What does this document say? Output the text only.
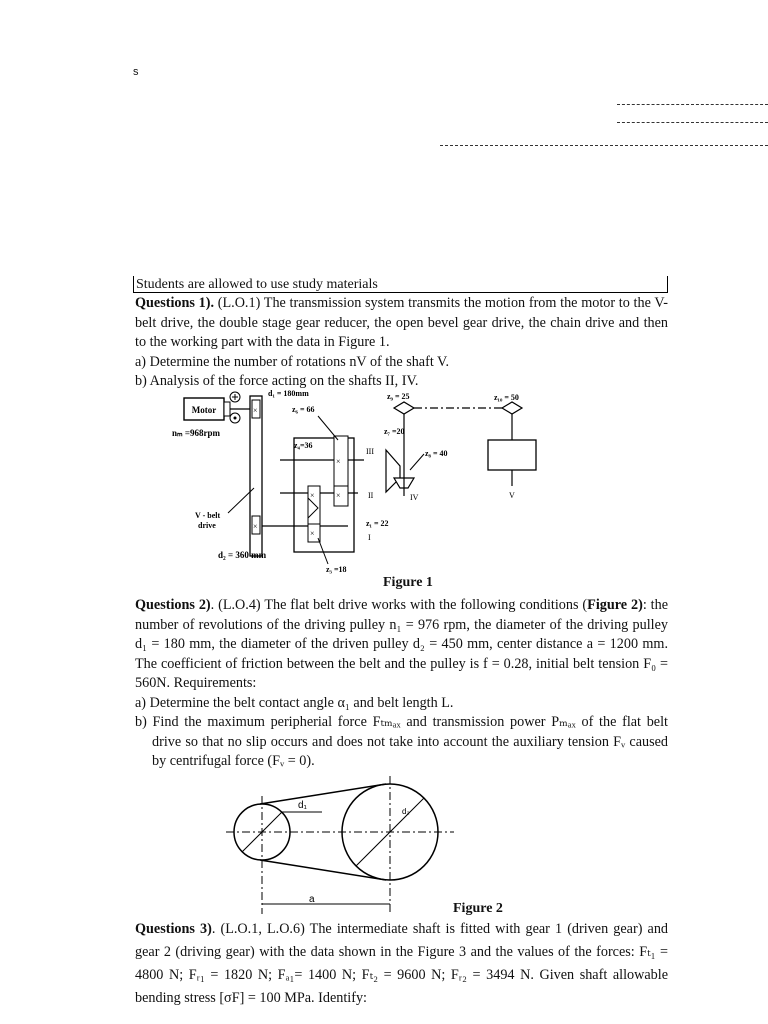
s
Students are allowed to use study materials
Questions 1). (L.O.1) The transmission system transmits the motion from the motor to the V-belt drive, the double stage gear reducer, the open bevel gear drive, the chain drive and then to the working part with the data in Figure 1.
a) Determine the number of rotations nV of the shaft V.
b) Analysis of the force acting on the shafts II, IV.
Motor
nₘ =968rpm
×
×
d₁ = 180mm
V - belt
drive
d₂ = 360 mm
×
×
×
×
z₄=36
z₆ = 66
II
III
z₁ = 22
I
z₃ =18
z₇ =20
z₈ = 40
IV
z₉ = 25	z₁₀ = 50
V
Figure 1
Questions 2). (L.O.4) The flat belt drive works with the following conditions (Figure 2): the number of revolutions of the driving pulley n₁ = 976 rpm, the diameter of the driving pulley d₁ = 180 mm, the diameter of the driven pulley d₂ = 450 mm, center distance a = 1200 mm. The coefficient of friction between the belt and the pulley is f = 0.28, initial belt tension F₀ = 560N. Requirements:
a) Determine the belt contact angle α₁ and belt length L.
b) Find the maximum peripherial force Fₜₘₐₓ and transmission power Pₘₐₓ of the flat belt drive so that no slip occurs and does not take into account the auxiliary tension Fᵥ caused by centrifugal force (Fᵥ = 0).
d₁
d₂
a
Figure 2
Questions 3). (L.O.1, L.O.6) The intermediate shaft is fitted with gear 1 (driven gear) and gear 2 (driving gear) with the data shown in the Figure 3 and the values of the forces: Fₜ₁ = 4800 N; Fᵣ₁ = 1820 N; Fₐ₁= 1400 N; Fₜ₂ = 9600 N; Fᵣ₂ = 3494 N. Given shaft allowable bending stress [σF] = 100 MPa. Identify:
